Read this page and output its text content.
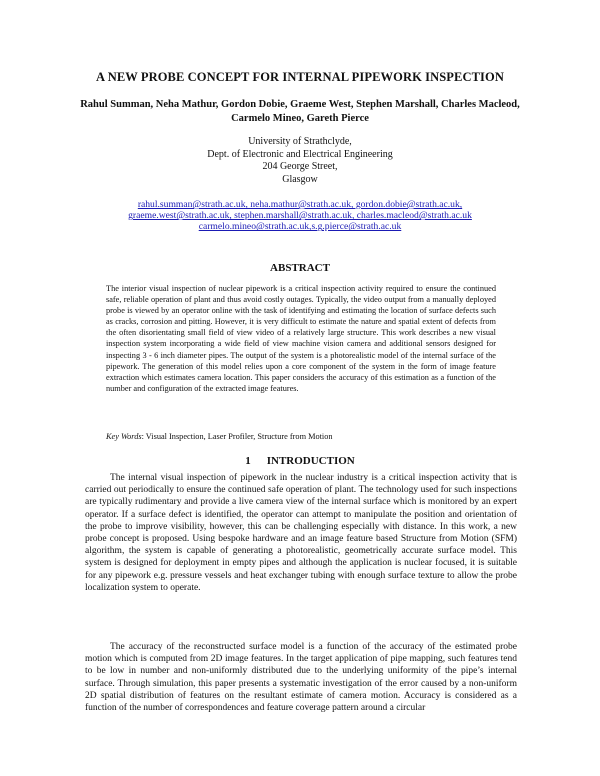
A NEW PROBE CONCEPT FOR INTERNAL PIPEWORK INSPECTION
Rahul Summan, Neha Mathur, Gordon Dobie, Graeme West, Stephen Marshall, Charles Macleod,
Carmelo Mineo, Gareth Pierce
University of Strathclyde,
Dept. of Electronic and Electrical Engineering
204 George Street,
Glasgow
rahul.summan@strath.ac.uk, neha.mathur@strath.ac.uk, gordon.dobie@strath.ac.uk,
graeme.west@strath.ac.uk, stephen.marshall@strath.ac.uk, charles.macleod@strath.ac.uk
carmelo.mineo@strath.ac.uk,s.g.pierce@strath.ac.uk
ABSTRACT
The interior visual inspection of nuclear pipework is a critical inspection activity required to ensure the continued safe, reliable operation of plant and thus avoid costly outages. Typically, the video output from a manually deployed probe is viewed by an operator online with the task of identifying and estimating the location of surface defects such as cracks, corrosion and pitting. However, it is very difficult to estimate the nature and spatial extent of defects from the often disorientating small field of view video of a relatively large structure. This work describes a new visual inspection system incorporating a wide field of view machine vision camera and additional sensors designed for inspecting 3 - 6 inch diameter pipes. The output of the system is a photorealistic model of the internal surface of the pipework. The generation of this model relies upon a core component of the system in the form of image feature extraction which estimates camera location. This paper considers the accuracy of this estimation as a function of the number and configuration of the extracted image features.
Key Words: Visual Inspection, Laser Profiler, Structure from Motion
1 INTRODUCTION
The internal visual inspection of pipework in the nuclear industry is a critical inspection activity that is carried out periodically to ensure the continued safe operation of plant. The technology used for such inspections are typically rudimentary and provide a live camera view of the internal surface which is monitored by an expert operator. If a surface defect is identified, the operator can attempt to manipulate the position and orientation of the probe to improve visibility, however, this can be challenging especially with distance. In this work, a new probe concept is proposed. Using bespoke hardware and an image feature based Structure from Motion (SFM) algorithm, the system is capable of generating a photorealistic, geometrically accurate surface model. This system is designed for deployment in empty pipes and although the application is nuclear focused, it is suitable for any pipework e.g. pressure vessels and heat exchanger tubing with enough surface texture to allow the probe localization system to operate.
The accuracy of the reconstructed surface model is a function of the accuracy of the estimated probe motion which is computed from 2D image features. In the target application of pipe mapping, such features tend to be low in number and non-uniformly distributed due to the underlying uniformity of the pipe’s internal surface. Through simulation, this paper presents a systematic investigation of the error caused by a non-uniform 2D spatial distribution of features on the resultant estimate of camera motion. Accuracy is considered as a function of the number of correspondences and feature coverage pattern around a circular
